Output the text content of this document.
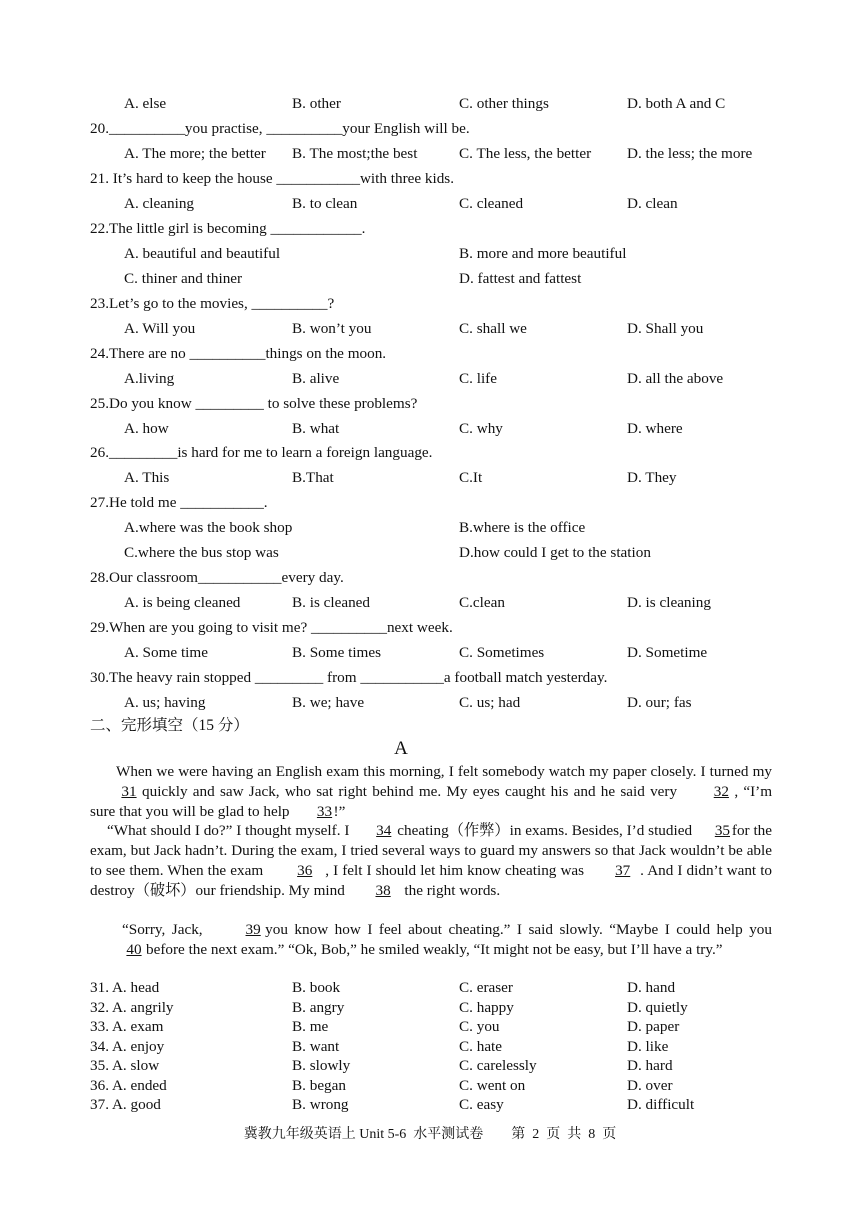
A. else	B. other	C. other things	D. both A and C
20.__________you practise, __________your English will be.
A. The more; the better B. The most;the best	C. The less, the better D. the less; the more
21. It’s hard to keep the house ___________with three kids.
A. cleaning	B. to clean	C. cleaned	D. clean
22.The little girl is becoming ____________.
A. beautiful and beautiful	B. more and more beautiful
C. thiner and thiner	D. fattest and fattest
23.Let’s go to the movies, __________?
A. Will you	B. won’t you	C. shall we	D. Shall you
24.There are no __________things on the moon.
A.living	B. alive	C. life	D. all the above
25.Do you know _________ to solve these problems?
A. how	B. what	C. why	D. where
26._________is hard for me to learn a foreign language.
A. This	B.That	C.It	D. They
27.He told me ___________.
A.where was the book shop	B.where is the office
C.where the bus stop was	D.how could I get to the station
28.Our classroom___________every day.
A. is being cleaned	B. is cleaned	C.clean	D. is cleaning
29.When are you going to visit me? __________next week.
A. Some time	B. Some times	C. Sometimes	D. Sometime
30.The heavy rain stopped _________ from ___________a football match yesterday.
A. us; having	B. we; have	C. us; had	D. our; fas
二、完形填空（15 分）
A
When we were having an English exam this morning, I felt somebody watch my paper closely. I turned my31 quickly and saw Jack, who sat right behind me. My eyes caught his and he said very 32 , “I’m sure that you will be glad to help 33!”
“What should I do?” I thought myself. I 34 cheating（作弊）in exams. Besides, I’d studied 35 for the exam, but Jack hadn’t. During the exam, I tried several ways to guard my answers so that Jack wouldn’t be able to see them. When the exam 36 , I felt I should let him know cheating was 37 . And I didn’t want to destroy（破坏）our friendship. My mind 38 the right words.
“Sorry, Jack,	39 you know how I feel about cheating.” I said slowly. “Maybe I could help you 40 before the next exam.” “Ok, Bob,” he smiled weakly, “It might not be easy, but I’ll have a try.”
31. A. head	B. book	C. eraser	D. hand
32. A. angrily	B. angry	C. happy	D. quietly
33. A. exam	B. me	C. you	D. paper
34. A. enjoy	B. want	C. hate	D. like
35. A. slow	B. slowly	C. carelessly	D. hard
36. A. ended	B. began	C. went on	D. over
37. A. good	B. wrong	C. easy	D. difficult
冀教九年级英语上 Unit 5-6  水平测试卷        第  2  页  共  8  页
